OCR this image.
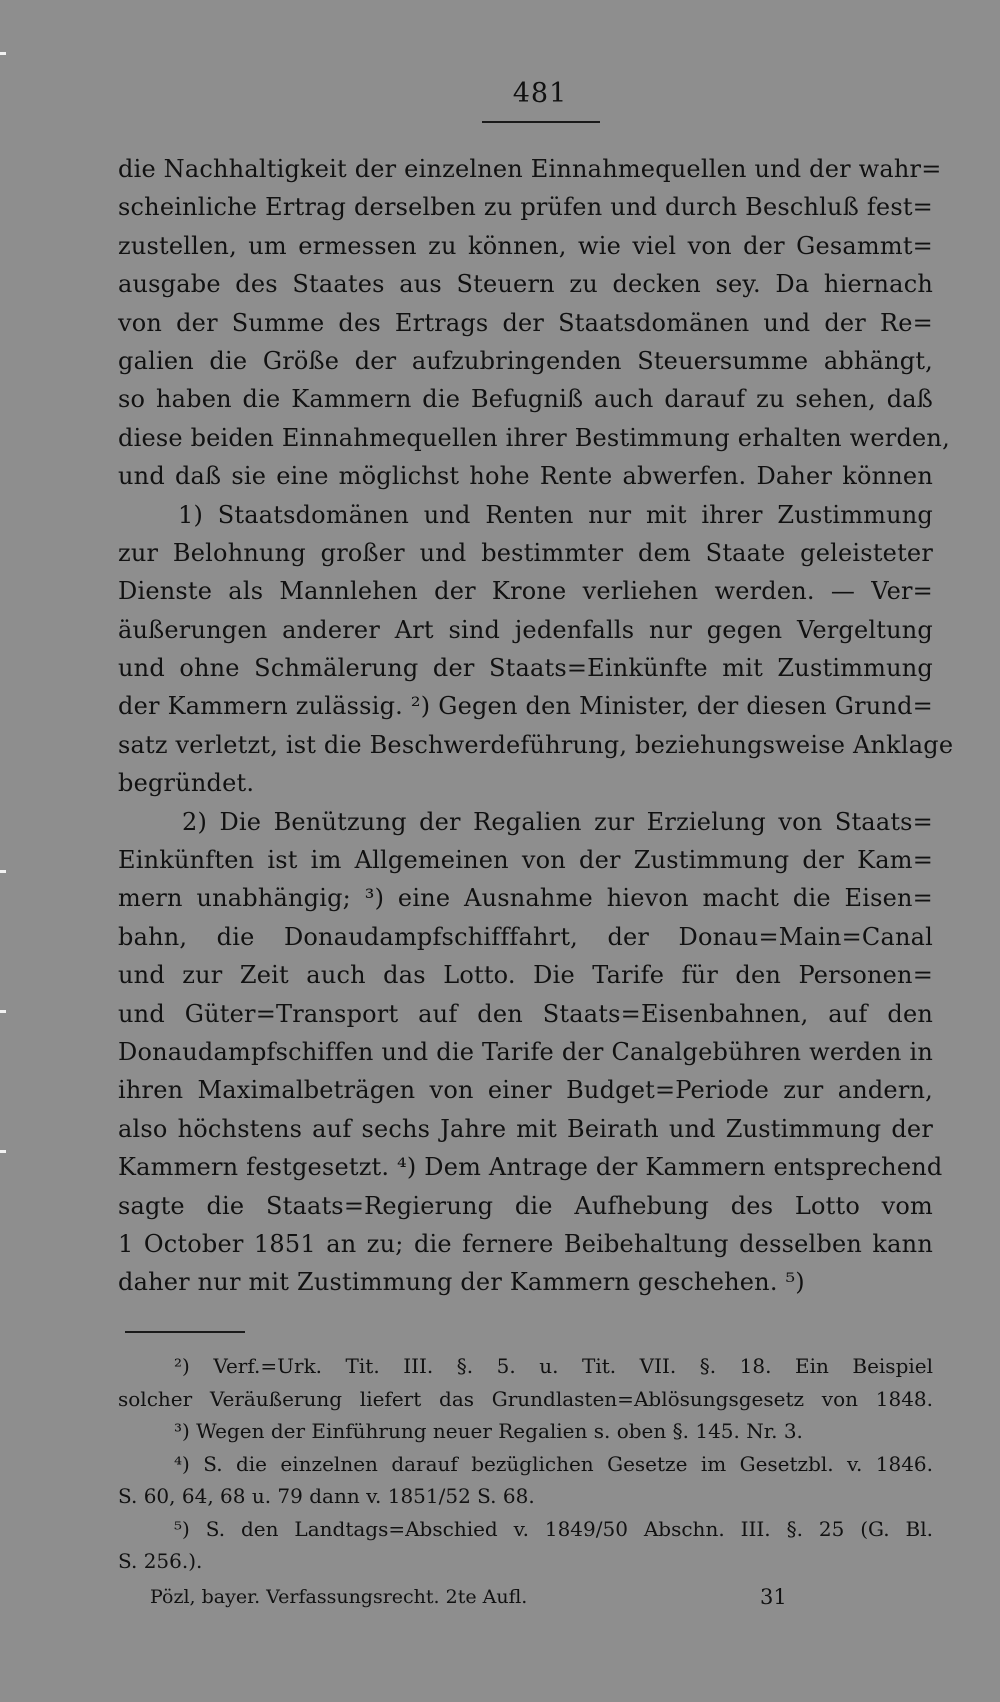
481
die Nachhaltigkeit der einzelnen Einnahmequellen und der wahr=
scheinliche Ertrag derselben zu prüfen und durch Beschluß fest=
zustellen, um ermessen zu können, wie viel von der Gesammt=
ausgabe des Staates aus Steuern zu decken sey. Da hiernach
von der Summe des Ertrags der Staatsdomänen und der Re=
galien die Größe der aufzubringenden Steuersumme abhängt,
so haben die Kammern die Befugniß auch darauf zu sehen, daß
diese beiden Einnahmequellen ihrer Bestimmung erhalten werden,
und daß sie eine möglichst hohe Rente abwerfen. Daher können
1) Staatsdomänen und Renten nur mit ihrer Zustimmung
zur Belohnung großer und bestimmter dem Staate geleisteter
Dienste als Mannlehen der Krone verliehen werden. — Ver=
äußerungen anderer Art sind jedenfalls nur gegen Vergeltung
und ohne Schmälerung der Staats=Einkünfte mit Zustimmung
der Kammern zulässig. ²) Gegen den Minister, der diesen Grund=
satz verletzt, ist die Beschwerdeführung, beziehungsweise Anklage
begründet.
2) Die Benützung der Regalien zur Erzielung von Staats=
Einkünften ist im Allgemeinen von der Zustimmung der Kam=
mern unabhängig; ³) eine Ausnahme hievon macht die Eisen=
bahn, die Donaudampfschifffahrt, der Donau=Main=Canal
und zur Zeit auch das Lotto. Die Tarife für den Personen=
und Güter=Transport auf den Staats=Eisenbahnen, auf den
Donaudampfschiffen und die Tarife der Canalgebühren werden in
ihren Maximalbeträgen von einer Budget=Periode zur andern,
also höchstens auf sechs Jahre mit Beirath und Zustimmung der
Kammern festgesetzt. ⁴) Dem Antrage der Kammern entsprechend
sagte die Staats=Regierung die Aufhebung des Lotto vom
1 October 1851 an zu; die fernere Beibehaltung desselben kann
daher nur mit Zustimmung der Kammern geschehen. ⁵)
²) Verf.=Urk. Tit. III. §. 5. u. Tit. VII. §. 18. Ein Beispiel
solcher Veräußerung liefert das Grundlasten=Ablösungsgesetz von 1848.
³) Wegen der Einführung neuer Regalien s. oben §. 145. Nr. 3.
⁴) S. die einzelnen darauf bezüglichen Gesetze im Gesetzbl. v. 1846.
S. 60, 64, 68 u. 79 dann v. 1851/52 S. 68.
⁵) S. den Landtags=Abschied v. 1849/50 Abschn. III. §. 25 (G. Bl.
S. 256.).
Pözl, bayer. Verfassungsrecht. 2te Aufl.	31
